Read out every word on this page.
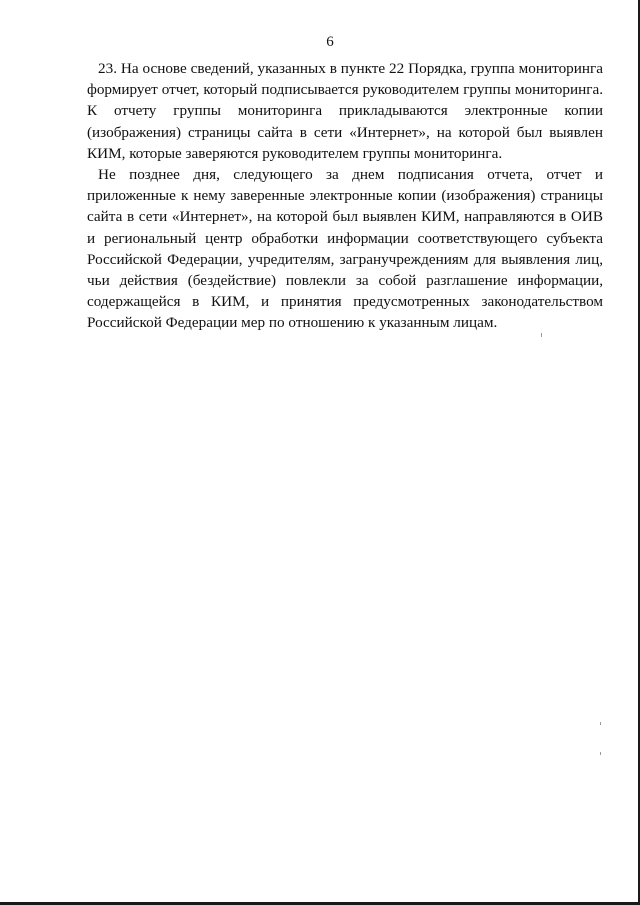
6

23. На основе сведений, указанных в пункте 22 Порядка, группа мониторинга формирует отчет, который подписывается руководителем группы мониторинга. К отчету группы мониторинга прикладываются электронные копии (изображения) страницы сайта в сети «Интернет», на которой был выявлен КИМ, которые заверяются руководителем группы мониторинга.

Не позднее дня, следующего за днем подписания отчета, отчет и приложенные к нему заверенные электронные копии (изображения) страницы сайта в сети «Интернет», на которой был выявлен КИМ, направляются в ОИВ и региональный центр обработки информации соответствующего субъекта Российской Федерации, учредителям, загранучреждениям для выявления лиц, чьи действия (бездействие) повлекли за собой разглашение информации, содержащейся в КИМ, и принятия предусмотренных законодательством Российской Федерации мер по отношению к указанным лицам.
